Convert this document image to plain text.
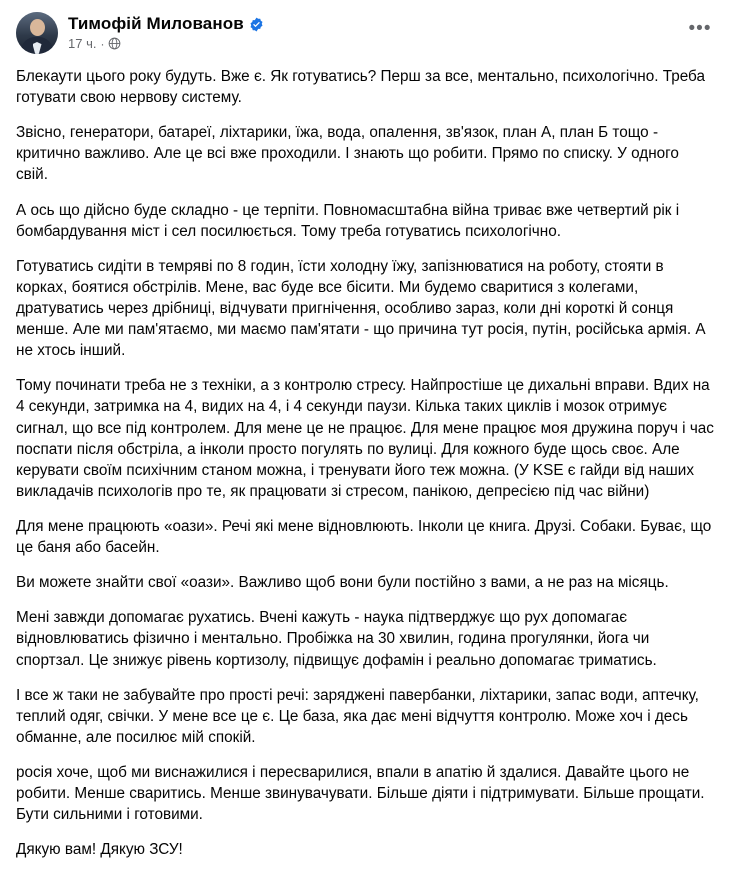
Тимофій Милованов
17 ч. ·
•••

Блекаути цього року будуть. Вже є. Як готуватись? Перш за все, ментально, психологічно. Треба готувати свою нервову систему.

Звісно, генератори, батареї, ліхтарики, їжа, вода, опалення, зв'язок, план А, план Б тощо - критично важливо. Але це всі вже проходили. І знають що робити. Прямо по списку. У одного свій.

А ось що дійсно буде складно - це терпіти. Повномасштабна війна триває вже четвертий рік і бомбардування міст і сел посилюється. Тому треба готуватись психологічно.

Готуватись сидіти в темряві по 8 годин, їсти холодну їжу, запізнюватися на роботу, стояти в корках, боятися обстрілів. Мене, вас буде все бісити. Ми будемо сваритися з колегами, дратуватись через дрібниці, відчувати пригнічення, особливо зараз, коли дні короткі й сонця менше. Але ми пам'ятаємо, ми маємо пам'ятати - що причина тут росія, путін, російська армія. А не хтось інший.

Тому починати треба не з техніки, а з контролю стресу. Найпростіше це дихальні вправи. Вдих на 4 секунди, затримка на 4, видих на 4, і 4 секунди паузи. Кілька таких циклів і мозок отримує сигнал, що все під контролем. Для мене це не працює. Для мене працює моя дружина поруч і час поспати після обстріла, а інколи просто погулять по вулиці. Для кожного буде щось своє. Але керувати своїм психічним станом можна, і тренувати його теж можна. (У KSE є гайди від наших викладачів психологів про те, як працювати зі стресом, панікою, депресією під час війни)

Для мене працюють «оази». Речі які мене відновлюють. Інколи це книга. Друзі. Собаки. Буває, що це баня або басейн.

Ви можете знайти свої «оази». Важливо щоб вони були постійно з вами, а не раз на місяць.

Мені завжди допомагає рухатись. Вчені кажуть - наука підтверджує що рух допомагає відновлюватись фізично і ментально. Пробіжка на 30 хвилин, година прогулянки, йога чи спортзал. Це знижує рівень кортизолу, підвищує дофамін і реально допомагає триматись.

І все ж таки не забувайте про прості речі: заряджені павербанки, ліхтарики, запас води, аптечку, теплий одяг, свічки. У мене все це є. Це база, яка дає мені відчуття контролю. Може хоч і десь обманне, але посилює мій спокій.

росія хоче, щоб ми виснажилися і пересварилися, впали в апатію й здалися. Давайте цього не робити. Менше сваритись. Менше звинувачувати. Більше діяти і підтримувати. Більше прощати. Бути сильними і готовими.

Дякую вам! Дякую ЗСУ!
